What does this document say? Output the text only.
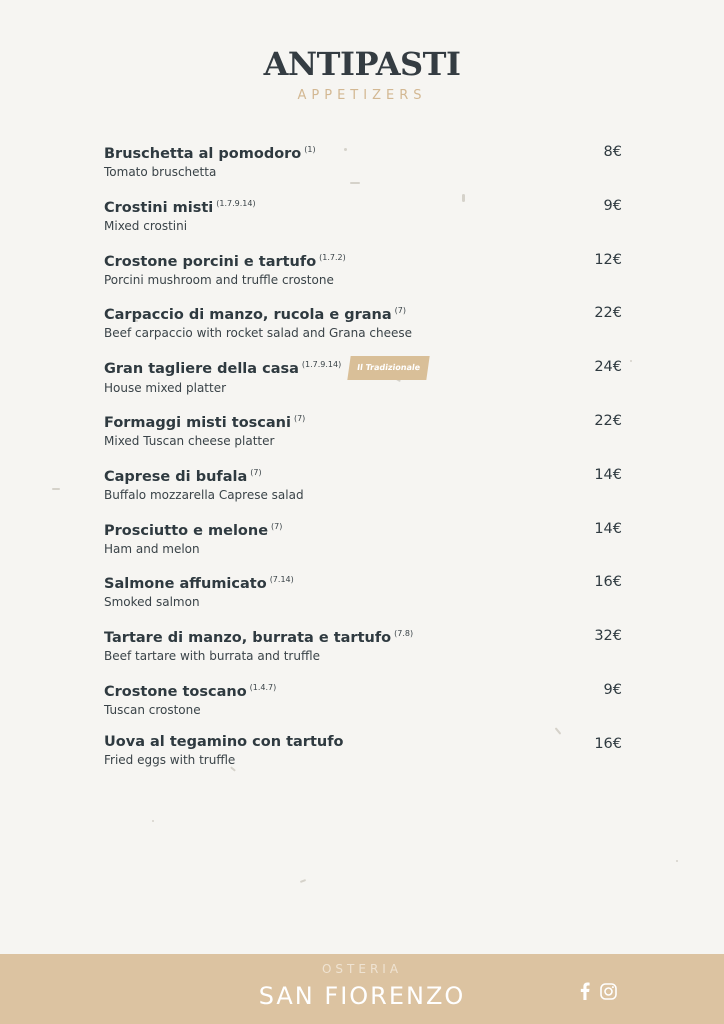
ANTIPASTI
APPETIZERS
Bruschetta al pomodoro $^{(1)}$
Tomato bruschetta
8€
Crostini misti $^{(1.7.9.14)}$
Mixed crostini
9€
Crostone porcini e tartufo $^{(1.7.2)}$
Porcini mushroom and truffle crostone
12€
Carpaccio di manzo, rucola e grana $^{(7)}$
Beef carpaccio with rocket salad and Grana cheese
22€
Gran tagliere della casa $^{(1.7.9.14)}$ Il Tradizionale
House mixed platter
24€
Formaggi misti toscani $^{(7)}$
Mixed Tuscan cheese platter
22€
Caprese di bufala $^{(7)}$
Buffalo mozzarella Caprese salad
14€
Prosciutto e melone $^{(7)}$
Ham and melon
14€
Salmone affumicato $^{(7.14)}$
Smoked salmon
16€
Tartare di manzo, burrata e tartufo $^{(7.8)}$
Beef tartare with burrata and truffle
32€
Crostone toscano $^{(1.4.7)}$
Tuscan crostone
9€
Uova al tegamino con tartufo
Fried eggs with truffle
16€
OSTERIA
SAN FIORENZO
